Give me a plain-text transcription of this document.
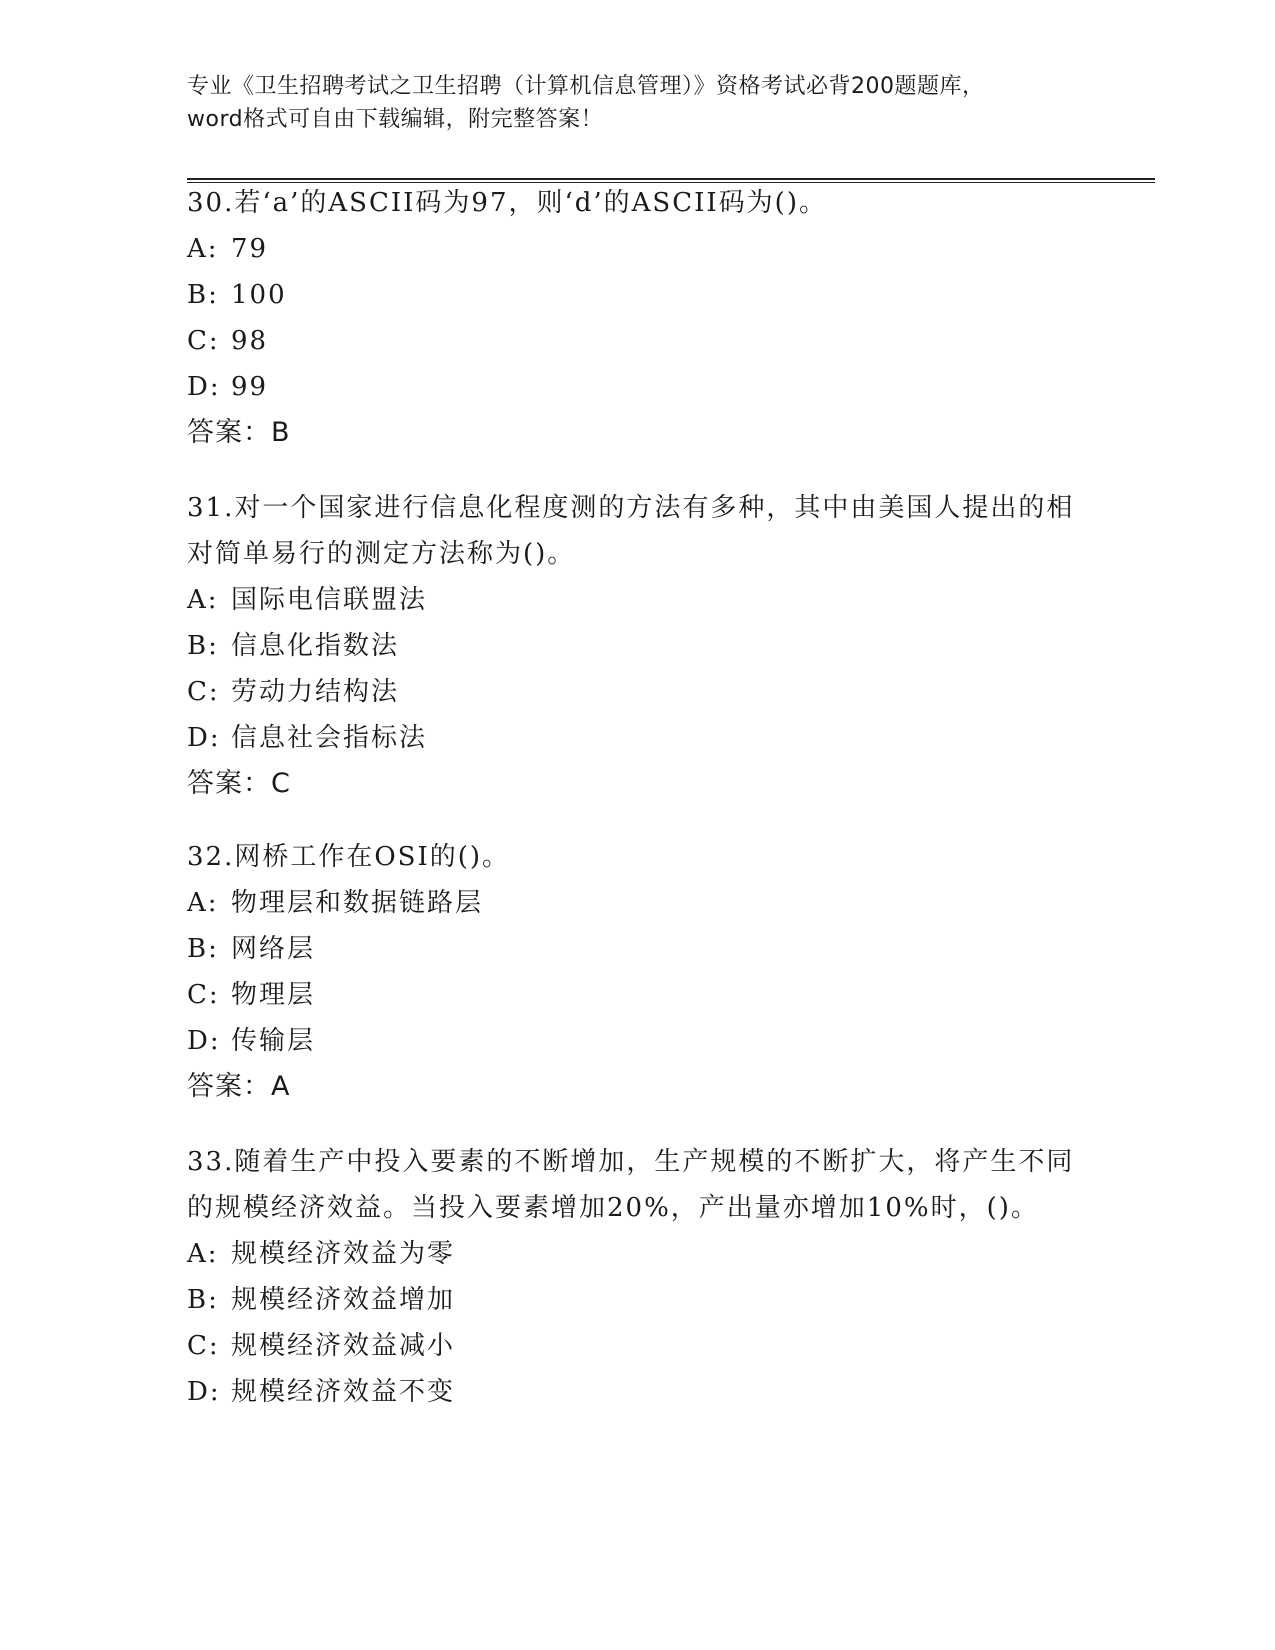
专业《卫生招聘考试之卫生招聘（计算机信息管理）》资格考试必背200题题库，
word格式可自由下载编辑，附完整答案！
30.若‘a’的ASCII码为97，则‘d’的ASCII码为()。
A: 79
B: 100
C: 98
D: 99
答案：B
31.对一个国家进行信息化程度测的方法有多种，其中由美国人提出的相对简单易行的测定方法称为()。
A: 国际电信联盟法
B: 信息化指数法
C: 劳动力结构法
D: 信息社会指标法
答案：C
32.网桥工作在OSI的()。
A: 物理层和数据链路层
B: 网络层
C: 物理层
D: 传输层
答案：A
33.随着生产中投入要素的不断增加，生产规模的不断扩大，将产生不同的规模经济效益。当投入要素增加20%，产出量亦增加10%时，()。
A: 规模经济效益为零
B: 规模经济效益增加
C: 规模经济效益减小
D: 规模经济效益不变
